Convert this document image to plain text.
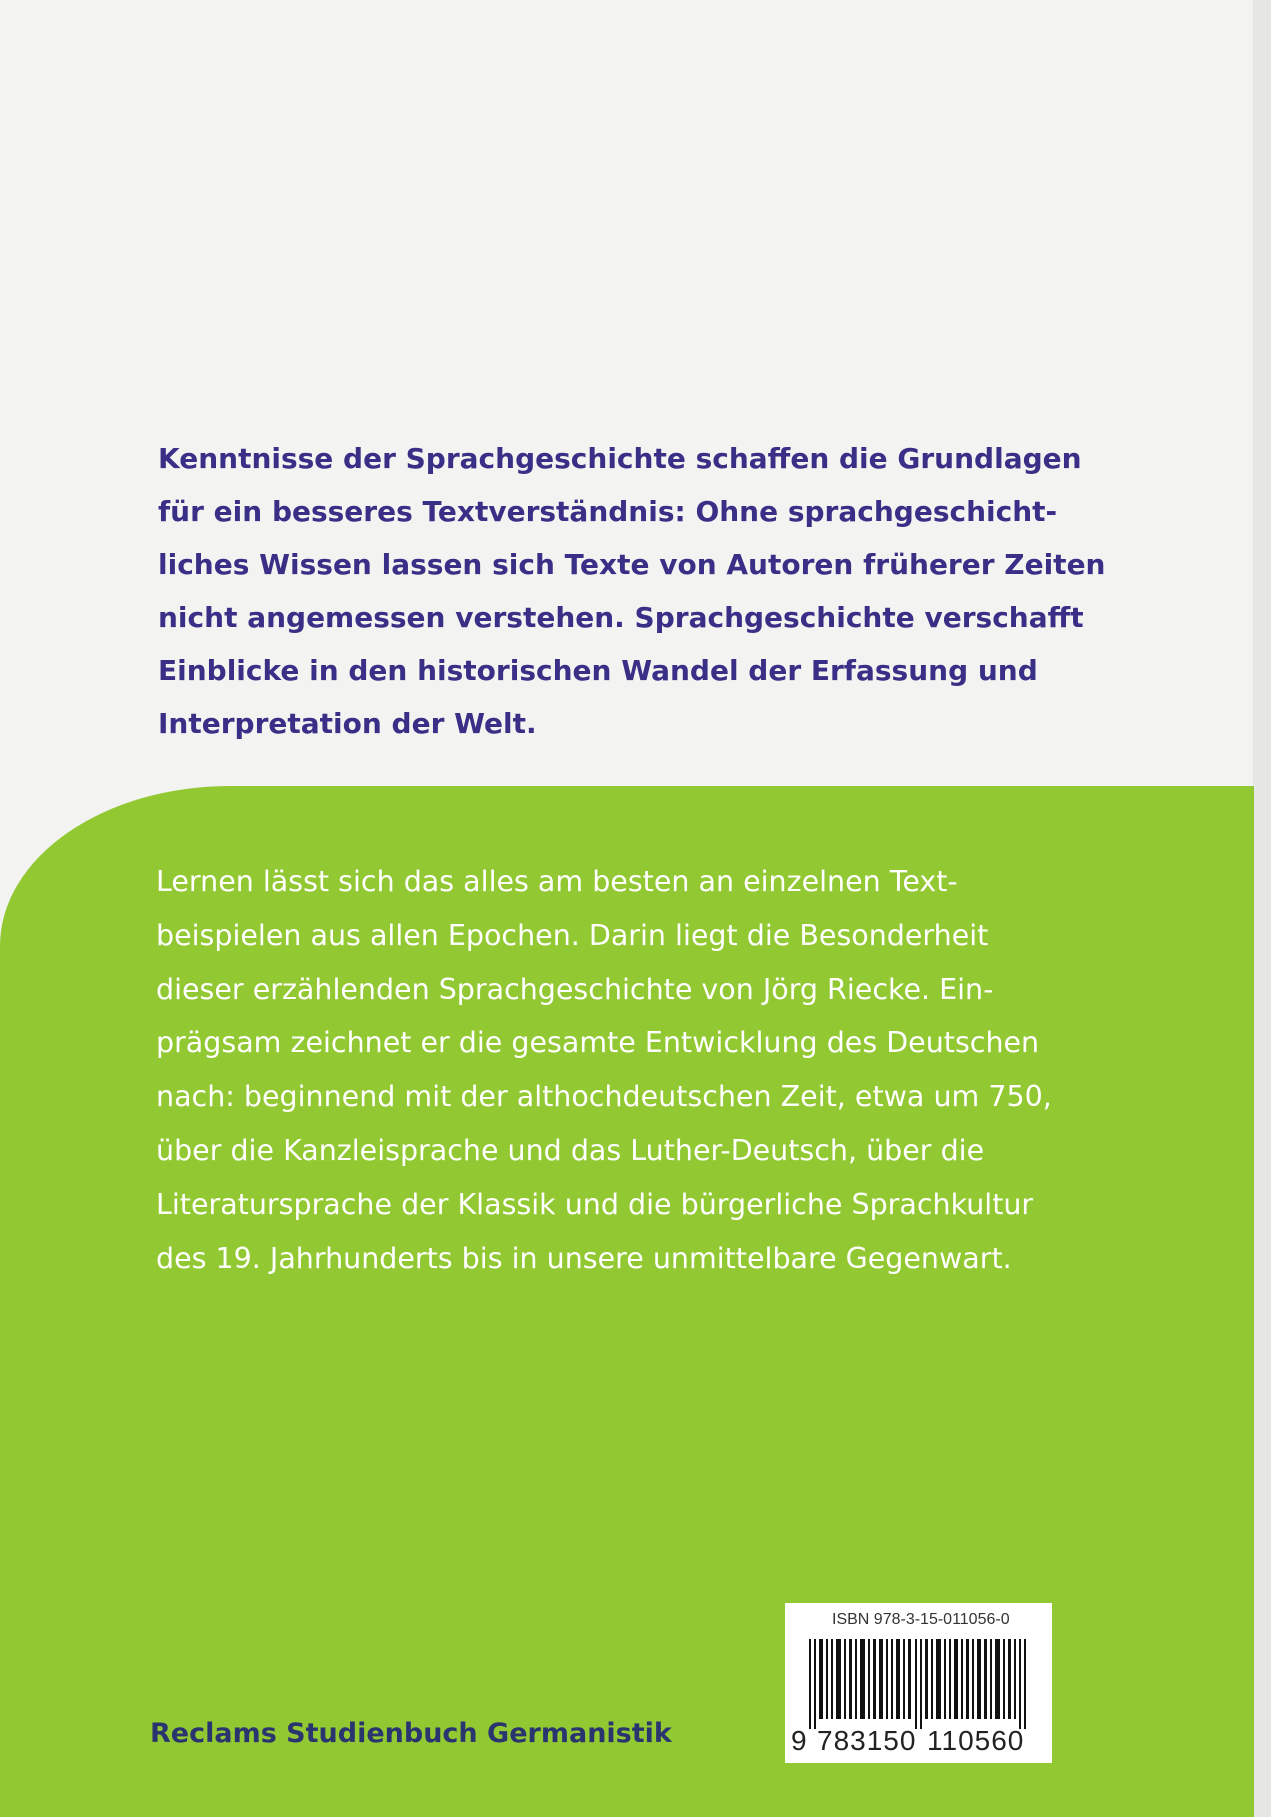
Kenntnisse der Sprachgeschichte schaffen die Grundlagen
für ein besseres Textverständnis: Ohne sprachgeschicht-
liches Wissen lassen sich Texte von Autoren früherer Zeiten
nicht angemessen verstehen. Sprachgeschichte verschafft
Einblicke in den historischen Wandel der Erfassung und
Interpretation der Welt.
Lernen lässt sich das alles am besten an einzelnen Text-
beispielen aus allen Epochen. Darin liegt die Besonderheit
dieser erzählenden Sprachgeschichte von Jörg Riecke. Ein-
prägsam zeichnet er die gesamte Entwicklung des Deutschen
nach: beginnend mit der althochdeutschen Zeit, etwa um 750,
über die Kanzleisprache und das Luther-Deutsch, über die
Literatursprache der Klassik und die bürgerliche Sprachkultur
des 19. Jahrhunderts bis in unsere unmittelbare Gegenwart.
Reclams Studienbuch Germanistik
ISBN 978-3-15-011056-0
9 783150 110560
